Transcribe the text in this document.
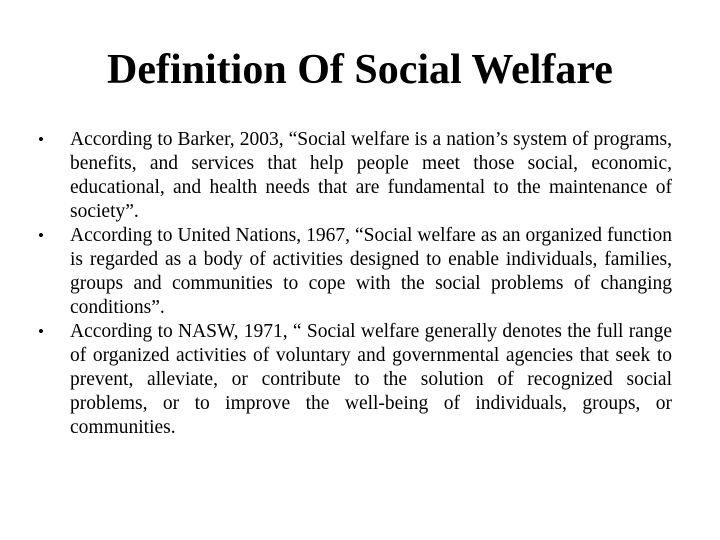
Definition Of Social Welfare
•	According to Barker, 2003, “Social welfare is a nation’s system of programs, benefits, and services that help people meet those social, economic, educational, and health needs that are fundamental to the maintenance of society”.
•	According to United Nations, 1967, “Social welfare as an organized function is regarded as a body of activities designed to enable individuals, families, groups and communities to cope with the social problems of changing conditions”.
•	According to NASW, 1971, “ Social welfare generally denotes the full range of organized activities of voluntary and governmental agencies that seek to prevent, alleviate, or contribute to the solution of recognized social problems, or to improve the well-being of individuals, groups, or communities.
